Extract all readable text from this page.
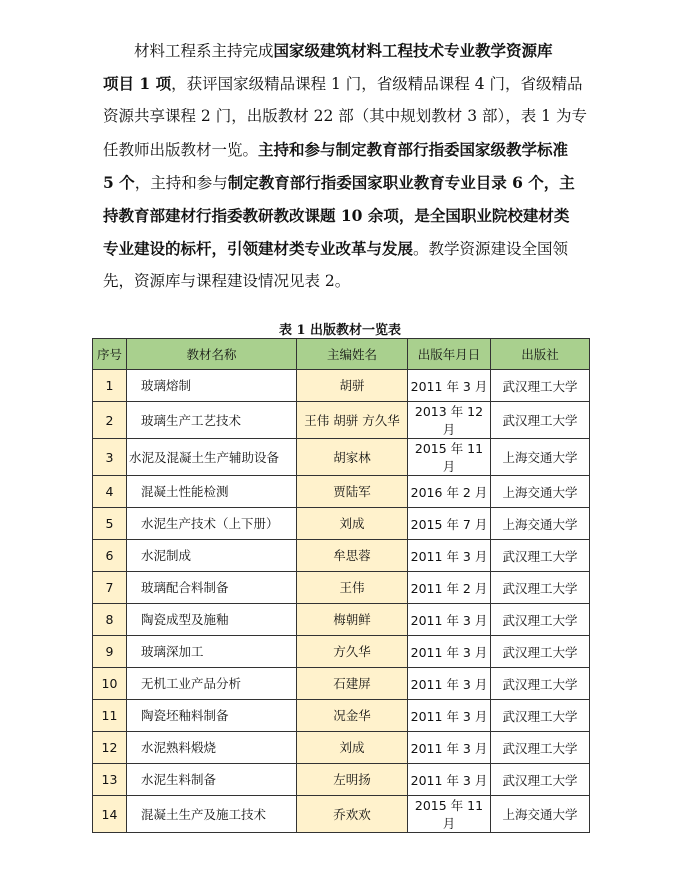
材料工程系主持完成国家级建筑材料工程技术专业教学资源库
项目 1 项，获评国家级精品课程 1 门，省级精品课程 4 门，省级精品
资源共享课程 2 门，出版教材 22 部（其中规划教材 3 部），表 1 为专
任教师出版教材一览。主持和参与制定教育部行指委国家级教学标准
5 个，主持和参与制定教育部行指委国家职业教育专业目录 6 个，主
持教育部建材行指委教研教改课题 10 余项，是全国职业院校建材类
专业建设的标杆，引领建材类专业改革与发展。教学资源建设全国领
先，资源库与课程建设情况见表 2。
表 1 出版教材一览表
序号	教材名称	主编姓名	出版年月日	出版社
1	玻璃熔制	胡骈	2011 年 3 月	武汉理工大学
2	玻璃生产工艺技术	王伟 胡骈 方久华	2013 年 12 月	武汉理工大学
3	水泥及混凝土生产辅助设备	胡家林	2015 年 11 月	上海交通大学
4	混凝土性能检测	贾陆军	2016 年 2 月	上海交通大学
5	水泥生产技术（上下册）	刘成	2015 年 7 月	上海交通大学
6	水泥制成	牟思蓉	2011 年 3 月	武汉理工大学
7	玻璃配合料制备	王伟	2011 年 2 月	武汉理工大学
8	陶瓷成型及施釉	梅朝鲜	2011 年 3 月	武汉理工大学
9	玻璃深加工	方久华	2011 年 3 月	武汉理工大学
10	无机工业产品分析	石建屏	2011 年 3 月	武汉理工大学
11	陶瓷坯釉料制备	况金华	2011 年 3 月	武汉理工大学
12	水泥熟料煅烧	刘成	2011 年 3 月	武汉理工大学
13	水泥生料制备	左明扬	2011 年 3 月	武汉理工大学
14	混凝土生产及施工技术	乔欢欢	2015 年 11 月	上海交通大学
